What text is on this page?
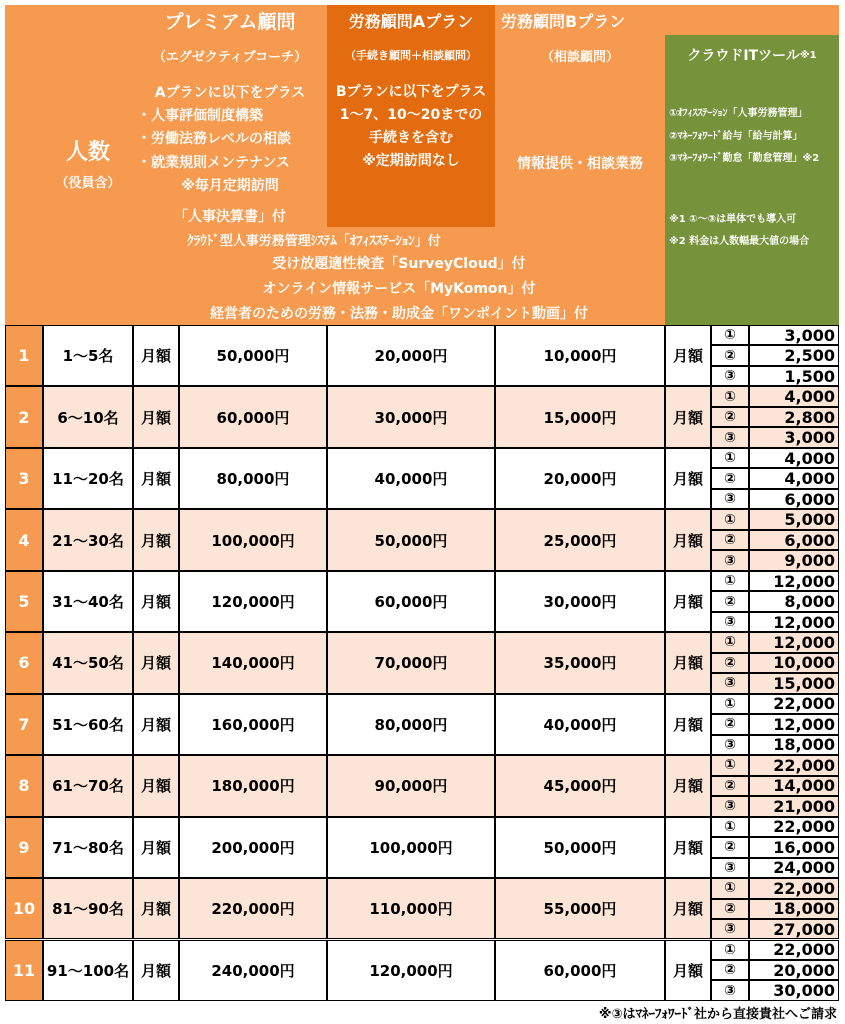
人数
（役員含）
プレミアム顧問
（エグゼクティブコーチ）
Aプランに以下をプラス
・人事評価制度構築
・労働法務レベルの相談
・就業規則メンテナンス
※毎月定期訪問
「人事決算書」付
労務顧問Aプラン
（手続き顧問＋相談顧問）
Bプランに以下をプラス
1～7、10～20までの
手続きを含む
※定期訪問なし
労務顧問Bプラン
（相談顧問）
情報提供・相談業務
クラウドITツール ※1
①ｵﾌｨｽｽﾃｰｼｮﾝ「人事労務管理」
②ﾏﾈｰﾌｫﾜｰﾄﾞ給与「給与計算」
③ﾏﾈｰﾌｫﾜｰﾄﾞ勤怠「勤怠管理」※2
※1 ①～③は単体でも導入可
※2 料金は人数幅最大値の場合
ｸﾗｳﾄﾞ型人事労務管理ｼｽﾃﾑ「ｵﾌｨｽｽﾃｰｼｮﾝ」付
受け放題適性検査「SurveyCloud」付
オンライン情報サービス「MyKomon」付
経営者のための労務・法務・助成金「ワンポイント動画」付
1	1～5名	月額	50,000円	20,000円	10,000円	月額
①	3,000
②	2,500
③	1,500
2	6～10名	月額	60,000円	30,000円	15,000円	月額
①	4,000
②	2,800
③	3,000
3	11～20名	月額	80,000円	40,000円	20,000円	月額
①	4,000
②	4,000
③	6,000
4	21～30名	月額	100,000円	50,000円	25,000円	月額
①	5,000
②	6,000
③	9,000
5	31～40名	月額	120,000円	60,000円	30,000円	月額
①	12,000
②	8,000
③	12,000
6	41～50名	月額	140,000円	70,000円	35,000円	月額
①	12,000
②	10,000
③	15,000
7	51～60名	月額	160,000円	80,000円	40,000円	月額
①	22,000
②	12,000
③	18,000
8	61～70名	月額	180,000円	90,000円	45,000円	月額
①	22,000
②	14,000
③	21,000
9	71～80名	月額	200,000円	100,000円	50,000円	月額
①	22,000
②	16,000
③	24,000
10	81～90名	月額	220,000円	110,000円	55,000円	月額
①	22,000
②	18,000
③	27,000
11 91～100名 月額	240,000円	120,000円	60,000円	月額
①	22,000
②	20,000
③	30,000
※③はﾏﾈｰﾌｫﾜｰﾄﾞ社から直接貴社へご請求
